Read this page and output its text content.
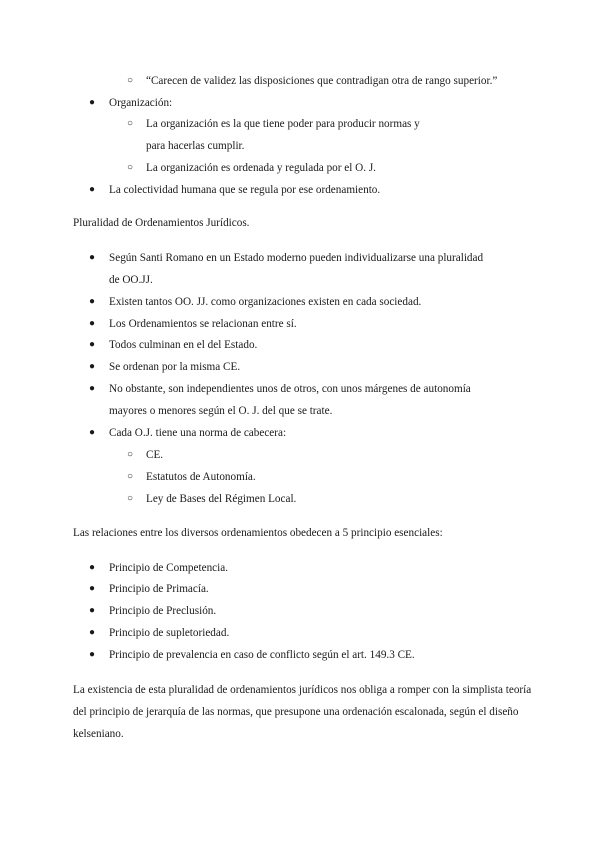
○ “Carecen de validez las disposiciones que contradigan otra de rango superior.”
● Organización:
○ La organización es la que tiene poder para producir normas y
para hacerlas cumplir.
○ La organización es ordenada y regulada por el O. J.
● La colectividad humana que se regula por ese ordenamiento.
Pluralidad de Ordenamientos Jurídicos.
● Según Santi Romano en un Estado moderno pueden individualizarse una pluralidad
de OO.JJ.
● Existen tantos OO. JJ. como organizaciones existen en cada sociedad.
● Los Ordenamientos se relacionan entre sí.
● Todos culminan en el del Estado.
● Se ordenan por la misma CE.
● No obstante, son independientes unos de otros, con unos márgenes de autonomía
mayores o menores según el O. J. del que se trate.
● Cada O.J. tiene una norma de cabecera:
○ CE.
○ Estatutos de Autonomía.
○ Ley de Bases del Régimen Local.
Las relaciones entre los diversos ordenamientos obedecen a 5 principio esenciales:
● Principio de Competencia.
● Principio de Primacía.
● Principio de Preclusión.
● Principio de supletoriedad.
● Principio de prevalencia en caso de conflicto según el art. 149.3 CE.
La existencia de esta pluralidad de ordenamientos jurídicos nos obliga a romper con la simplista teoría del principio de jerarquía de las normas, que presupone una ordenación escalonada, según el diseño kelseniano.
